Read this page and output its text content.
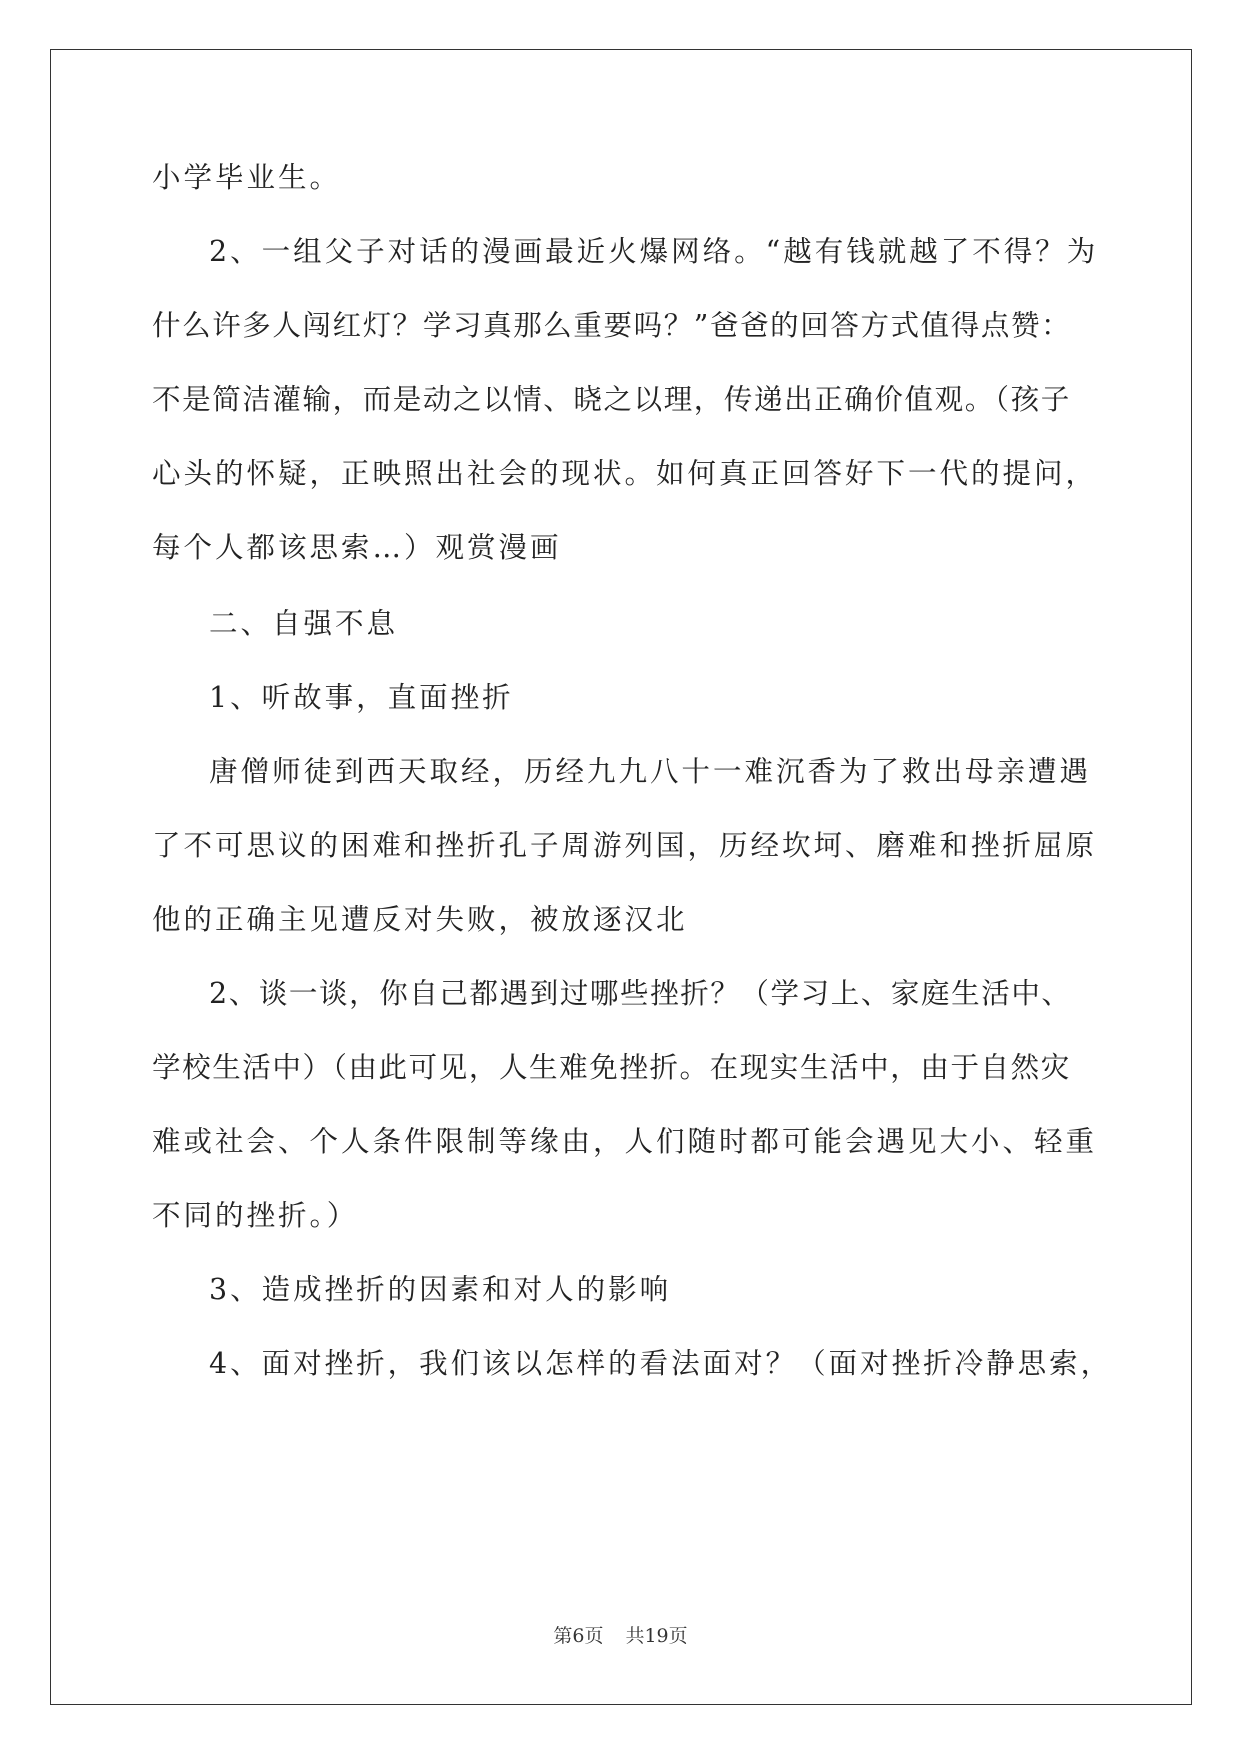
小学毕业生。
2、一组父子对话的漫画最近火爆网络。“越有钱就越了不得？为
什么许多人闯红灯？学习真那么重要吗？”爸爸的回答方式值得点赞：
不是简洁灌输，而是动之以情、晓之以理，传递出正确价值观。（孩子
心头的怀疑，正映照出社会的现状。如何真正回答好下一代的提问，
每个人都该思索…）观赏漫画
二、自强不息
1、听故事，直面挫折
唐僧师徒到西天取经，历经九九八十一难沉香为了救出母亲遭遇
了不可思议的困难和挫折孔子周游列国，历经坎坷、磨难和挫折屈原
他的正确主见遭反对失败，被放逐汉北
2、谈一谈，你自己都遇到过哪些挫折？（学习上、家庭生活中、
学校生活中）（由此可见，人生难免挫折。在现实生活中，由于自然灾
难或社会、个人条件限制等缘由，人们随时都可能会遇见大小、轻重
不同的挫折。）
3、造成挫折的因素和对人的影响
4、面对挫折，我们该以怎样的看法面对？（面对挫折冷静思索，
第6页 共19页
